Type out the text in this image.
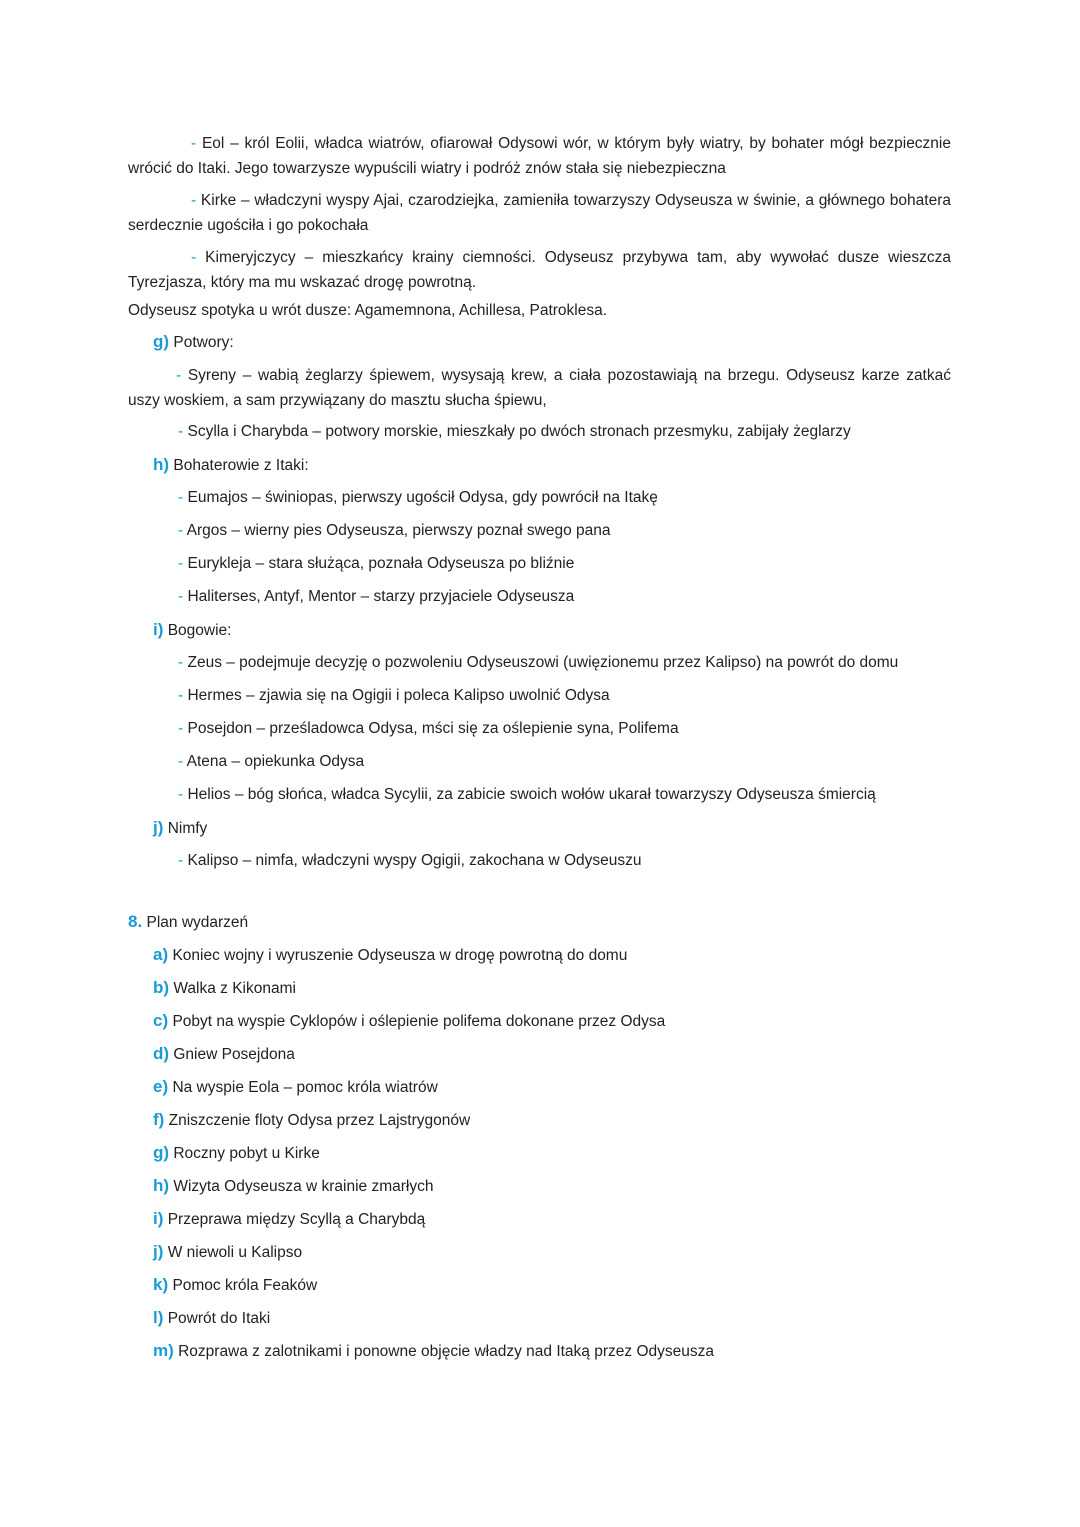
- Eol – król Eolii, władca wiatrów, ofiarował Odysowi wór, w którym były wiatry, by bohater mógł bezpiecznie wrócić do Itaki. Jego towarzysze wypuścili wiatry i podróż znów stała się niebezpieczna

- Kirke – władczyni wyspy Ajai, czarodziejka, zamieniła towarzyszy Odyseusza w świnie, a głównego bohatera serdecznie ugościła i go pokochała

- Kimeryjczycy – mieszkańcy krainy ciemności. Odyseusz przybywa tam, aby wywołać dusze wieszcza Tyrezjasza, który ma mu wskazać drogę powrotną.

Odyseusz spotyka u wrót dusze: Agamemnona, Achillesa, Patroklesa.
g) Potwory:

- Syreny – wabią żeglarzy śpiewem, wysysają krew, a ciała pozostawiają na brzegu. Odyseusz karze zatkać uszy woskiem, a sam przywiązany do masztu słucha śpiewu,

- Scylla i Charybda – potwory morskie, mieszkały po dwóch stronach przesmyku, zabijały żeglarzy
h) Bohaterowie z Itaki:
- Eumajos – świniopas, pierwszy ugościł Odysa, gdy powrócił na Itakę
- Argos – wierny pies Odyseusza, pierwszy poznał swego pana
- Eurykleja – stara służąca, poznała Odyseusza po bliźnie
- Haliterses, Antyf, Mentor – starzy przyjaciele Odyseusza
i) Bogowie:
- Zeus – podejmuje decyzję o pozwoleniu Odyseuszowi (uwięzionemu przez Kalipso) na powrót do domu
- Hermes – zjawia się na Ogigii i poleca Kalipso uwolnić Odysa
- Posejdon – prześladowca Odysa, mści się za oślepienie syna, Polifema
- Atena – opiekunka Odysa
- Helios – bóg słońca, władca Sycylii, za zabicie swoich wołów ukarał towarzyszy Odyseusza śmiercią
j) Nimfy
- Kalipso – nimfa, władczyni wyspy Ogigii, zakochana w Odyseuszu
8. Plan wydarzeń
a) Koniec wojny i wyruszenie Odyseusza w drogę powrotną do domu
b) Walka z Kikonami
c) Pobyt na wyspie Cyklopów i oślepienie polifema dokonane przez Odysa
d) Gniew Posejdona
e) Na wyspie Eola – pomoc króla wiatrów
f) Zniszczenie floty Odysa przez Lajstrygonów
g) Roczny pobyt u Kirke
h) Wizyta Odyseusza w krainie zmarłych
i) Przeprawa między Scyllą a Charybdą
j) W niewoli u Kalipso
k) Pomoc króla Feaków
l) Powrót do Itaki
m) Rozprawa z zalotnikami i ponowne objęcie władzy nad Itaką przez Odyseusza
